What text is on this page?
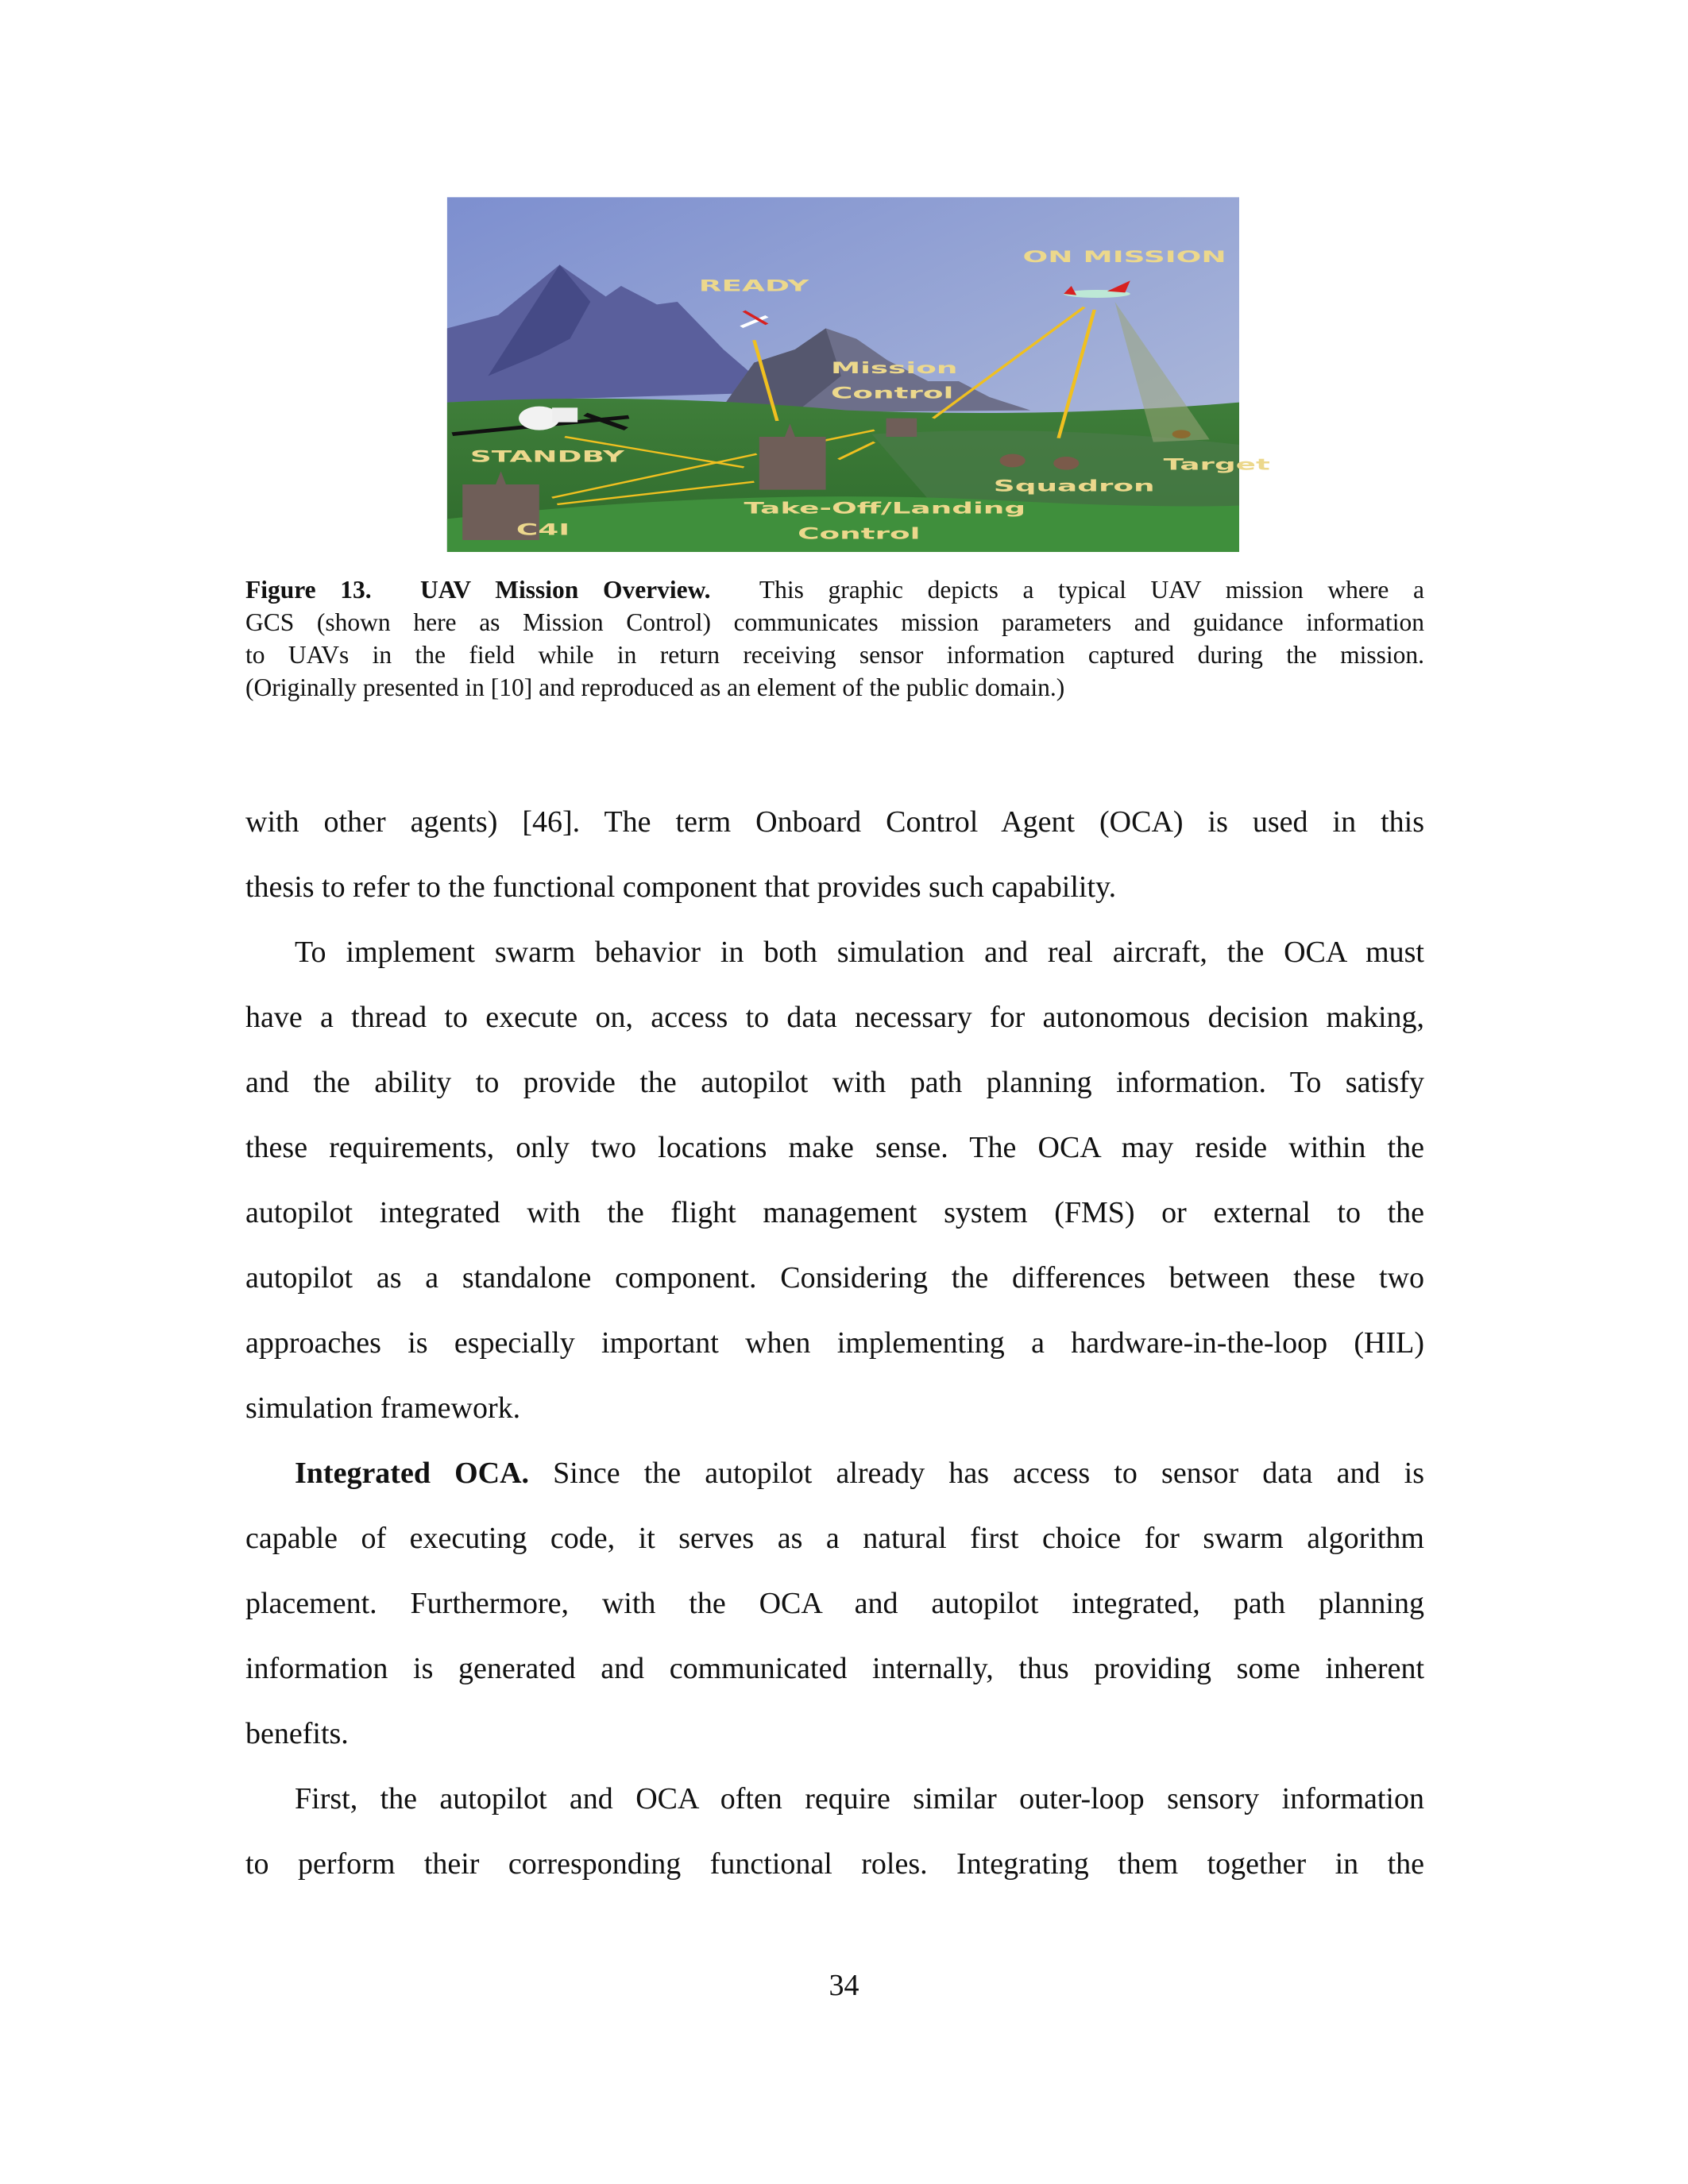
ON MISSION
READY
Mission
Control
STANDBY	Target
Squadron
Take-Off/Landing
Control
C4I
Figure 13. UAV Mission Overview. This graphic depicts a typical UAV mission where a
GCS (shown here as Mission Control) communicates mission parameters and guidance information
to UAVs in the field while in return receiving sensor information captured during the mission.
(Originally presented in [10] and reproduced as an element of the public domain.)
with other agents) [46]. The term Onboard Control Agent (OCA) is used in this
thesis to refer to the functional component that provides such capability.
To implement swarm behavior in both simulation and real aircraft, the OCA must
have a thread to execute on, access to data necessary for autonomous decision making,
and the ability to provide the autopilot with path planning information. To satisfy
these requirements, only two locations make sense. The OCA may reside within the
autopilot integrated with the flight management system (FMS) or external to the
autopilot as a standalone component. Considering the differences between these two
approaches is especially important when implementing a hardware-in-the-loop (HIL)
simulation framework.
Integrated OCA. Since the autopilot already has access to sensor data and is
capable of executing code, it serves as a natural first choice for swarm algorithm
placement. Furthermore, with the OCA and autopilot integrated, path planning
information is generated and communicated internally, thus providing some inherent
benefits.
First, the autopilot and OCA often require similar outer-loop sensory information
to perform their corresponding functional roles. Integrating them together in the
34
